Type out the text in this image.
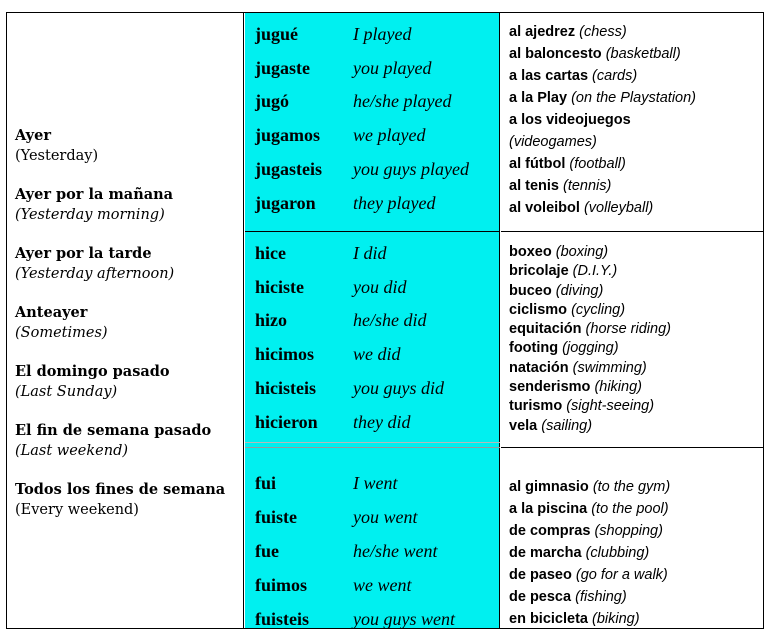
Ayer
(Yesterday)
Ayer por la mañana
(Yesterday morning)
Ayer por la tarde
(Yesterday afternoon)
Anteayer
(Sometimes)
El domingo pasado
(Last Sunday)
El fin de semana pasado
(Last weekend)
Todos los fines de semana
(Every weekend)
jugué	I played
jugaste you played
jugó	he/she played
jugamos we played
jugasteis you guys played
jugaron they played
hice	I did
hiciste	you did
hizo	he/she did
hicimos we did
hicisteis you guys did
hicieron they did
fui	I went
fuiste	you went
fue	he/she went
fuimos	we went
fuisteis you guys went
al ajedrez (chess)
al baloncesto (basketball)
a las cartas (cards)
a la Play (on the Playstation)
a los videojuegos
(videogames)
al fútbol (football)
al tenis (tennis)
al voleibol (volleyball)
boxeo (boxing)
bricolaje (D.I.Y.)
buceo (diving)
ciclismo (cycling)
equitación (horse riding)
footing (jogging)
natación (swimming)
senderismo (hiking)
turismo (sight-seeing)
vela (sailing)
al gimnasio (to the gym)
a la piscina (to the pool)
de compras (shopping)
de marcha (clubbing)
de paseo (go for a walk)
de pesca (fishing)
en bicicleta (biking)
